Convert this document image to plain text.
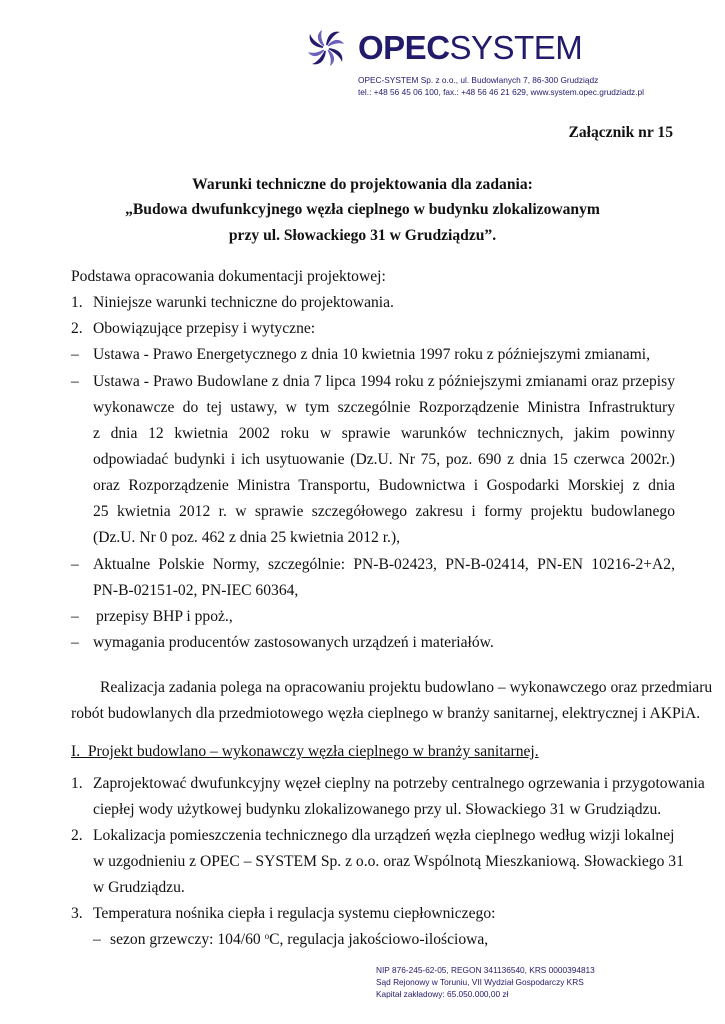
OPECSYSTEM
OPEC-SYSTEM Sp. z o.o., ul. Budowlanych 7, 86-300 Grudziądz
tel.: +48 56 45 06 100, fax.: +48 56 46 21 629, www.system.opec.grudziadz.pl
Załącznik nr 15
Warunki techniczne do projektowania dla zadania:
„Budowa dwufunkcyjnego węzła cieplnego w budynku zlokalizowanym
przy ul. Słowackiego 31 w Grudziądzu”.
Podstawa opracowania dokumentacji projektowej:
1. Niniejsze warunki techniczne do projektowania.
2. Obowiązujące przepisy i wytyczne:
– Ustawa - Prawo Energetycznego z dnia 10 kwietnia 1997 roku z późniejszymi zmianami,
– Ustawa - Prawo Budowlane z dnia 7 lipca 1994 roku z późniejszymi zmianami oraz przepisy
wykonawcze do tej ustawy, w tym szczególnie Rozporządzenie Ministra Infrastruktury
z dnia 12 kwietnia 2002 roku w sprawie warunków technicznych, jakim powinny
odpowiadać budynki i ich usytuowanie (Dz.U. Nr 75, poz. 690 z dnia 15 czerwca 2002r.)
oraz Rozporządzenie Ministra Transportu, Budownictwa i Gospodarki Morskiej z dnia
25 kwietnia 2012 r. w sprawie szczegółowego zakresu i formy projektu budowlanego
(Dz.U. Nr 0 poz. 462 z dnia 25 kwietnia 2012 r.),
– Aktualne Polskie Normy, szczególnie: PN-B-02423, PN-B-02414, PN-EN 10216-2+A2,
PN-B-02151-02, PN-IEC 60364,
– przepisy BHP i ppoż.,
– wymagania producentów zastosowanych urządzeń i materiałów.
Realizacja zadania polega na opracowaniu projektu budowlano – wykonawczego oraz przedmiaru
robót budowlanych dla przedmiotowego węzła cieplnego w branży sanitarnej, elektrycznej i AKPiA.
I.  Projekt budowlano – wykonawczy węzła cieplnego w branży sanitarnej.
1. Zaprojektować dwufunkcyjny węzeł cieplny na potrzeby centralnego ogrzewania i przygotowania
ciepłej wody użytkowej budynku zlokalizowanego przy ul. Słowackiego 31 w Grudziądzu.
2. Lokalizacja pomieszczenia technicznego dla urządzeń węzła cieplnego według wizji lokalnej
w uzgodnieniu z OPEC – SYSTEM Sp. z o.o. oraz Wspólnotą Mieszkaniową. Słowackiego 31
w Grudziądzu.
3. Temperatura nośnika ciepła i regulacja systemu ciepłowniczego:
– sezon grzewczy: 104/60 $^o$C, regulacja jakościowo-ilościowa,
NIP 876-245-62-05, REGON 341136540, KRS 0000394813
Sąd Rejonowy w Toruniu, VII Wydział Gospodarczy KRS
Kapitał zakładowy: 65.050.000,00 zł
